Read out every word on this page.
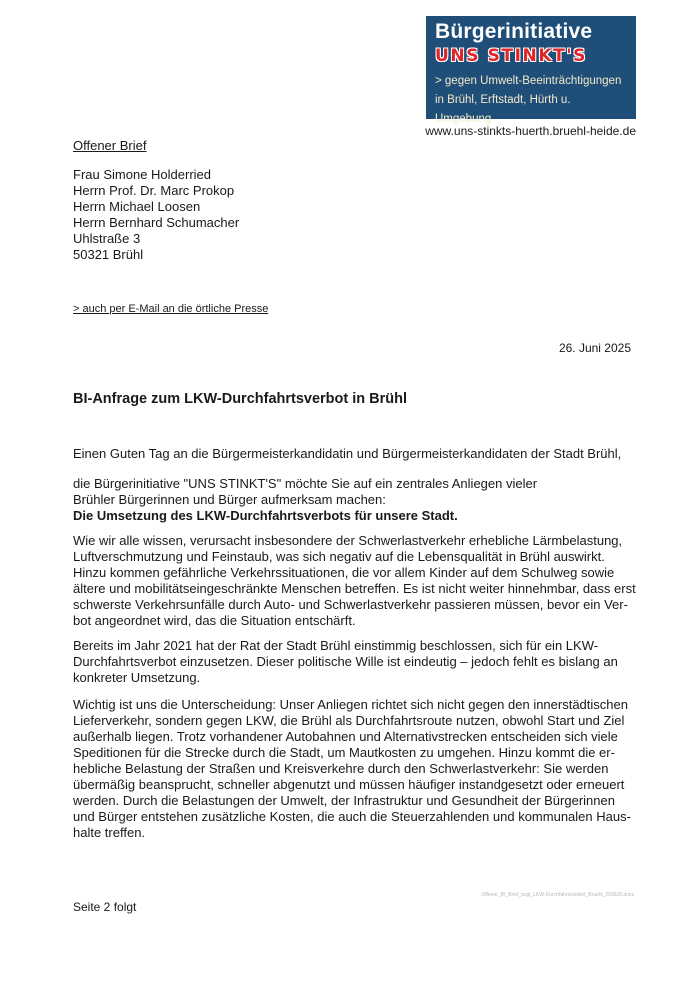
Bürgerinitiative
UNS STINKT'S
> gegen Umwelt-Beeinträchtigungen
in Brühl, Erftstadt, Hürth u. Umgebung
www.uns-stinkts-huerth.bruehl-heide.de
Offener Brief
Frau Simone Holderried
Herrn Prof. Dr. Marc Prokop
Herrn Michael Loosen
Herrn Bernhard Schumacher
Uhlstraße 3
50321 Brühl
> auch per E-Mail an die örtliche Presse
26. Juni 2025
BI-Anfrage zum LKW-Durchfahrtsverbot in Brühl
Einen Guten Tag an die Bürgermeisterkandidatin und Bürgermeisterkandidaten der Stadt Brühl,
die Bürgerinitiative "UNS STINKT'S" möchte Sie auf ein zentrales Anliegen vieler
Brühler Bürgerinnen und Bürger aufmerksam machen:
Die Umsetzung des LKW-Durchfahrtsverbots für unsere Stadt.
Wie wir alle wissen, verursacht insbesondere der Schwerlastverkehr erhebliche Lärmbelastung,
Luftverschmutzung und Feinstaub, was sich negativ auf die Lebensqualität in Brühl auswirkt.
Hinzu kommen gefährliche Verkehrssituationen, die vor allem Kinder auf dem Schulweg sowie
ältere und mobilitätseingeschränkte Menschen betreffen. Es ist nicht weiter hinnehmbar, dass erst
schwerste Verkehrsunfälle durch Auto- und Schwerlastverkehr passieren müssen, bevor ein Ver-
bot angeordnet wird, das die Situation entschärft.
Bereits im Jahr 2021 hat der Rat der Stadt Brühl einstimmig beschlossen, sich für ein LKW-
Durchfahrtsverbot einzusetzen. Dieser politische Wille ist eindeutig – jedoch fehlt es bislang an
konkreter Umsetzung.
Wichtig ist uns die Unterscheidung: Unser Anliegen richtet sich nicht gegen den innerstädtischen
Lieferverkehr, sondern gegen LKW, die Brühl als Durchfahrtsroute nutzen, obwohl Start und Ziel
außerhalb liegen. Trotz vorhandener Autobahnen und Alternativstrecken entscheiden sich viele
Speditionen für die Strecke durch die Stadt, um Mautkosten zu umgehen. Hinzu kommt die er-
hebliche Belastung der Straßen und Kreisverkehre durch den Schwerlastverkehr: Sie werden
übermäßig beansprucht, schneller abgenutzt und müssen häufiger instandgesetzt oder erneuert
werden. Durch die Belastungen der Umwelt, der Infrastruktur und Gesundheit der Bürgerinnen
und Bürger entstehen zusätzliche Kosten, die auch die Steuerzahlenden und kommunalen Haus-
halte treffen.
Offener_BI_Brief_bzgl_LKW-Durchfahrtsverbot_Bruehl_250626.docx
Seite 2 folgt
